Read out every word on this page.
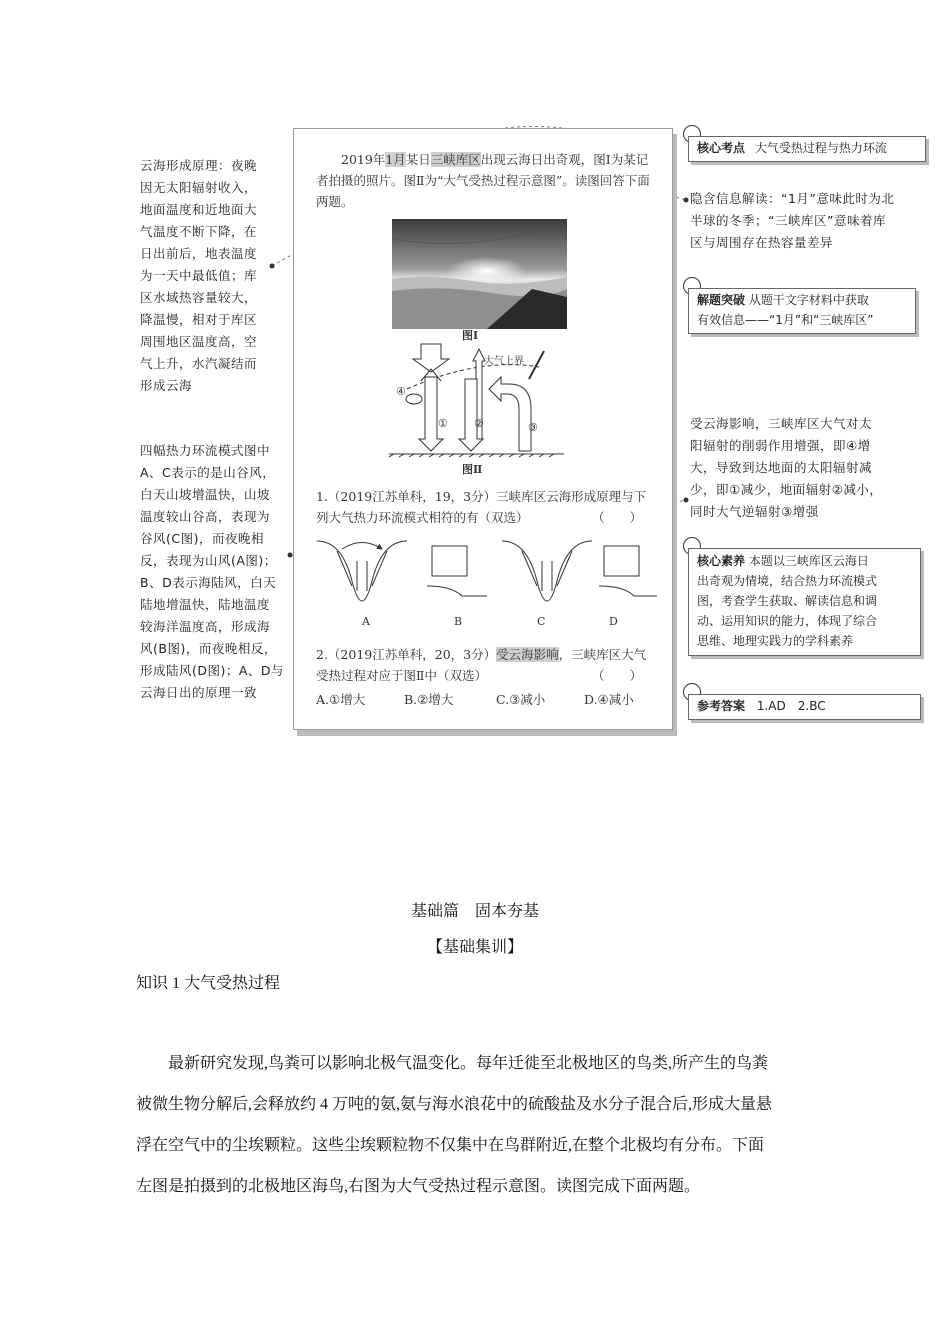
云海形成原理：夜晚
因无太阳辐射收入，
地面温度和近地面大
气温度不断下降，在
日出前后，地表温度
为一天中最低值；库
区水域热容量较大，
降温慢，相对于库区
周围地区温度高，空
气上升，水汽凝结而
形成云海
四幅热力环流模式图中
A、C表示的是山谷风，
白天山坡增温快，山坡
温度较山谷高，表现为
谷风(C图)，而夜晚相
反，表现为山风(A图)；
B、D表示海陆风，白天
陆地增温快，陆地温度
较海洋温度高，形成海
风(B图)，而夜晚相反，
形成陆风(D图)；A、D与
云海日出的原理一致
2019年1月某日三峡库区出现云海日出奇观，图Ⅰ为某记者拍摄的照片。图Ⅱ为“大气受热过程示意图”。读图回答下面两题。
图Ⅰ
大气上界
④
① ②	③
图Ⅱ
1.（2019江苏单科，19，3分）三峡库区云海形成原理与下列大气热力环流模式相符的有（双选）	（　　）
A	B	C	D
2.（2019江苏单科，20，3分）受云海影响，三峡库区大气受热过程对应于图Ⅱ中（双选）	（　　）
A.①增大	B.②增大	C.③减小	D.④减小
核心考点 大气受热过程与热力环流
隐含信息解读：“1月”意味此时为北
半球的冬季；“三峡库区”意味着库
区与周围存在热容量差异
解题突破 从题干文字材料中获取
有效信息——“1月”和“三峡库区”
受云海影响，三峡库区大气对太
阳辐射的削弱作用增强，即④增
大，导致到达地面的太阳辐射减
少，即①减少，地面辐射②减小，
同时大气逆辐射③增强
核心素养 本题以三峡库区云海日
出奇观为情境，结合热力环流模式
图，考查学生获取、解读信息和调
动、运用知识的能力，体现了综合
思维、地理实践力的学科素养
参考答案 1.AD　2.BC
基础篇　固本夯基
【基础集训】
知识 1 大气受热过程
最新研究发现,鸟粪可以影响北极气温变化。每年迁徙至北极地区的鸟类,所产生的鸟粪
被微生物分解后,会释放约 4 万吨的氨,氨与海水浪花中的硫酸盐及水分子混合后,形成大量悬
浮在空气中的尘埃颗粒。这些尘埃颗粒物不仅集中在鸟群附近,在整个北极均有分布。下面
左图是拍摄到的北极地区海鸟,右图为大气受热过程示意图。读图完成下面两题。
